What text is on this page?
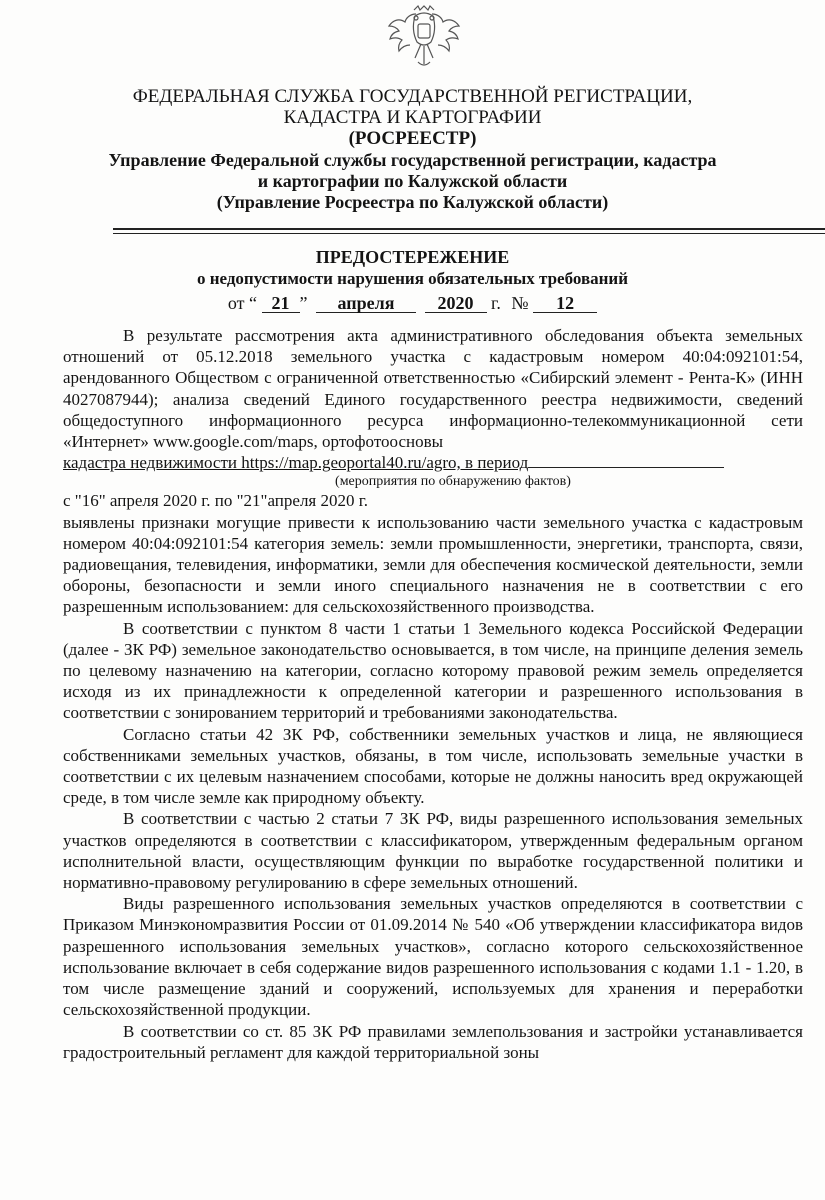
ФЕДЕРАЛЬНАЯ СЛУЖБА ГОСУДАРСТВЕННОЙ РЕГИСТРАЦИИ,
КАДАСТРА И КАРТОГРАФИИ
(РОСРЕЕСТР)
Управление Федеральной службы государственной регистрации, кадастра
и картографии по Калужской области
(Управление Росреестра по Калужской области)
ПРЕДОСТЕРЕЖЕНИЕ
о недопустимости нарушения обязательных требований
от “ 21 ” апреля 2020 г. № 12

В результате рассмотрения акта административного обследования объекта земельных отношений от 05.12.2018 земельного участка с кадастровым номером 40:04:092101:54, арендованного Обществом с ограниченной ответственностью «Сибирский элемент - Рента-К» (ИНН 4027087944); анализа сведений Единого государственного реестра недвижимости, сведений общедоступного информационного ресурса информационно-телекоммуникационной сети «Интернет» www.google.com/maps, ортофотоосновы

кадастра недвижимости https://map.geoportal40.ru/agro, в период

(мероприятия по обнаружению фактов)

с "16" апреля 2020 г. по "21"апреля 2020 г.

выявлены признаки могущие привести к использованию части земельного участка с кадастровым номером 40:04:092101:54 категория земель: земли промышленности, энергетики, транспорта, связи, радиовещания, телевидения, информатики, земли для обеспечения космической деятельности, земли обороны, безопасности и земли иного специального назначения не в соответствии с его разрешенным использованием: для сельскохозяйственного производства.

В соответствии с пунктом 8 части 1 статьи 1 Земельного кодекса Российской Федерации (далее - ЗК РФ) земельное законодательство основывается, в том числе, на принципе деления земель по целевому назначению на категории, согласно которому правовой режим земель определяется исходя из их принадлежности к определенной категории и разрешенного использования в соответствии с зонированием территорий и требованиями законодательства.

Согласно статьи 42 ЗК РФ, собственники земельных участков и лица, не являющиеся собственниками земельных участков, обязаны, в том числе, использовать земельные участки в соответствии с их целевым назначением способами, которые не должны наносить вред окружающей среде, в том числе земле как природному объекту.

В соответствии с частью 2 статьи 7 ЗК РФ, виды разрешенного использования земельных участков определяются в соответствии с классификатором, утвержденным федеральным органом исполнительной власти, осуществляющим функции по выработке государственной политики и нормативно-правовому регулированию в сфере земельных отношений.

Виды разрешенного использования земельных участков определяются в соответствии с Приказом Минэкономразвития России от 01.09.2014 № 540 «Об утверждении классификатора видов разрешенного использования земельных участков», согласно которого сельскохозяйственное использование включает в себя содержание видов разрешенного использования с кодами 1.1 - 1.20, в том числе размещение зданий и сооружений, используемых для хранения и переработки сельскохозяйственной продукции.

В соответствии со ст. 85 ЗК РФ правилами землепользования и застройки устанавливается градостроительный регламент для каждой территориальной зоны
